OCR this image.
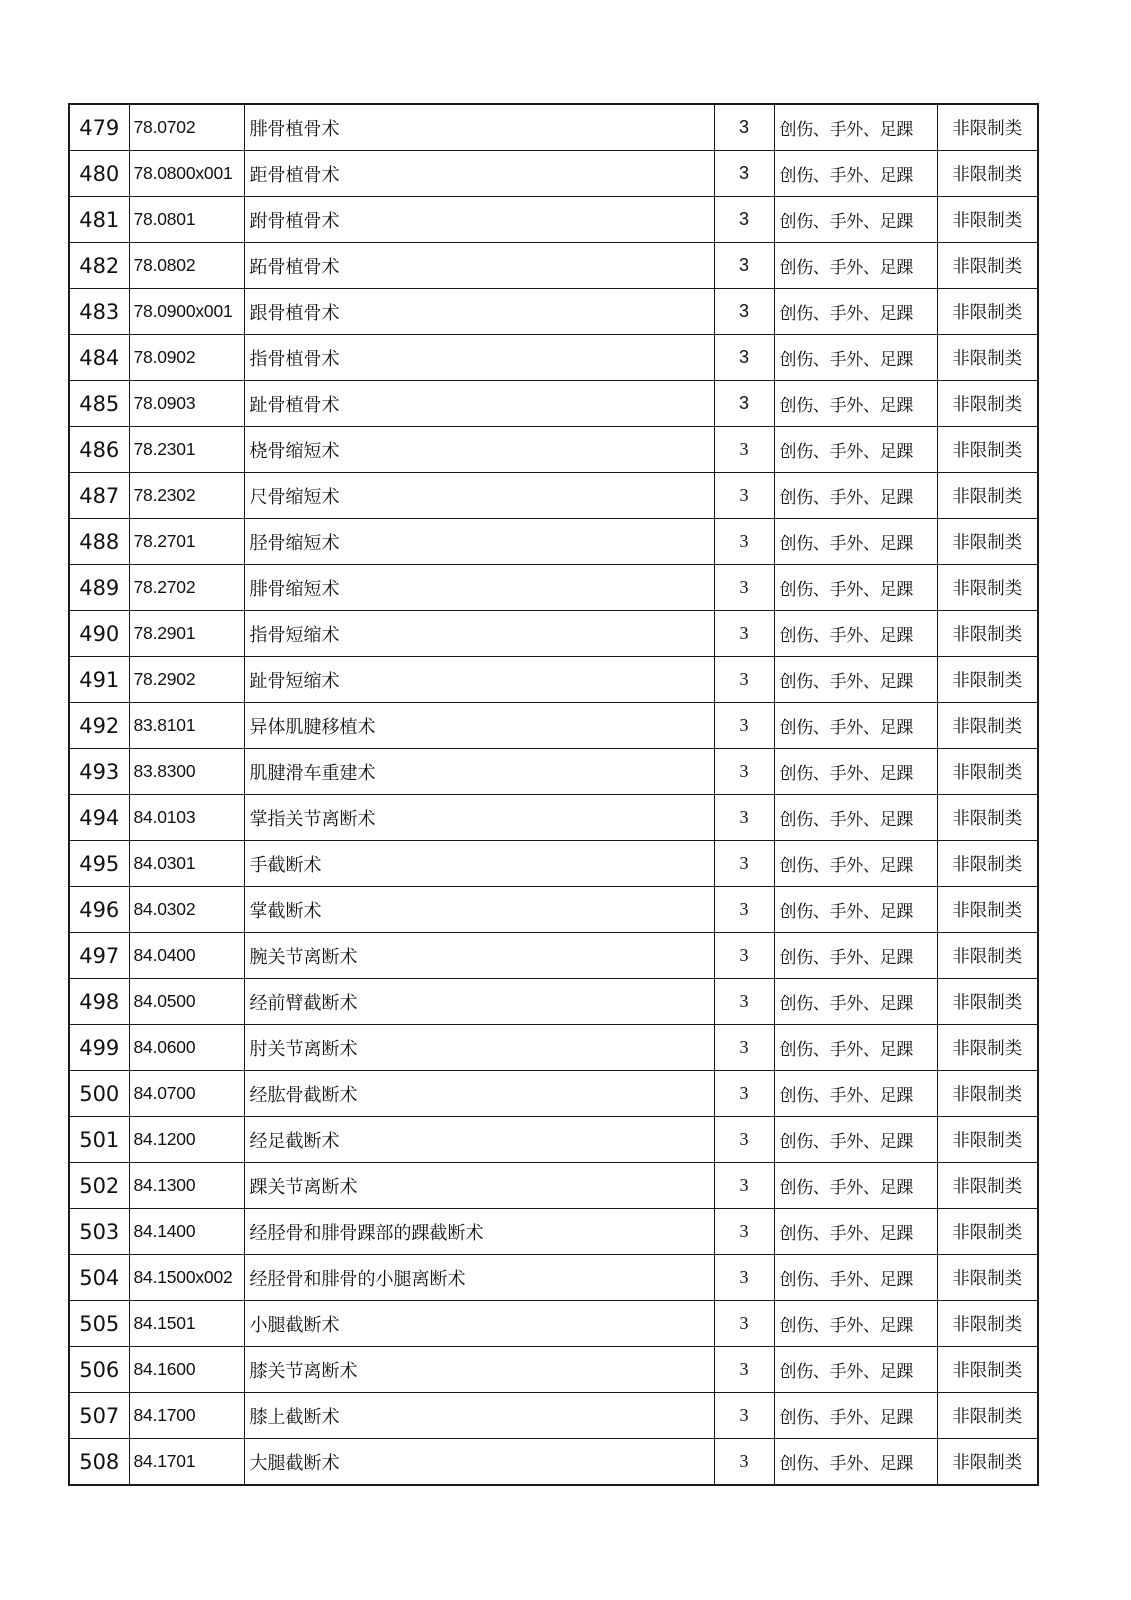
479	78.0702	腓骨植骨术	3	创伤、手外、足踝	非限制类
480	78.0800x001	距骨植骨术	3	创伤、手外、足踝	非限制类
481	78.0801	跗骨植骨术	3	创伤、手外、足踝	非限制类
482	78.0802	跖骨植骨术	3	创伤、手外、足踝	非限制类
483	78.0900x001	跟骨植骨术	3	创伤、手外、足踝	非限制类
484	78.0902	指骨植骨术	3	创伤、手外、足踝	非限制类
485	78.0903	趾骨植骨术	3	创伤、手外、足踝	非限制类
486	78.2301	桡骨缩短术	3	创伤、手外、足踝	非限制类
487	78.2302	尺骨缩短术	3	创伤、手外、足踝	非限制类
488	78.2701	胫骨缩短术	3	创伤、手外、足踝	非限制类
489	78.2702	腓骨缩短术	3	创伤、手外、足踝	非限制类
490	78.2901	指骨短缩术	3	创伤、手外、足踝	非限制类
491	78.2902	趾骨短缩术	3	创伤、手外、足踝	非限制类
492	83.8101	异体肌腱移植术	3	创伤、手外、足踝	非限制类
493	83.8300	肌腱滑车重建术	3	创伤、手外、足踝	非限制类
494	84.0103	掌指关节离断术	3	创伤、手外、足踝	非限制类
495	84.0301	手截断术	3	创伤、手外、足踝	非限制类
496	84.0302	掌截断术	3	创伤、手外、足踝	非限制类
497	84.0400	腕关节离断术	3	创伤、手外、足踝	非限制类
498	84.0500	经前臂截断术	3	创伤、手外、足踝	非限制类
499	84.0600	肘关节离断术	3	创伤、手外、足踝	非限制类
500	84.0700	经肱骨截断术	3	创伤、手外、足踝	非限制类
501	84.1200	经足截断术	3	创伤、手外、足踝	非限制类
502	84.1300	踝关节离断术	3	创伤、手外、足踝	非限制类
503	84.1400	经胫骨和腓骨踝部的踝截断术	3	创伤、手外、足踝	非限制类
504	84.1500x002	经胫骨和腓骨的小腿离断术	3	创伤、手外、足踝	非限制类
505	84.1501	小腿截断术	3	创伤、手外、足踝	非限制类
506	84.1600	膝关节离断术	3	创伤、手外、足踝	非限制类
507	84.1700	膝上截断术	3	创伤、手外、足踝	非限制类
508	84.1701	大腿截断术	3	创伤、手外、足踝	非限制类
